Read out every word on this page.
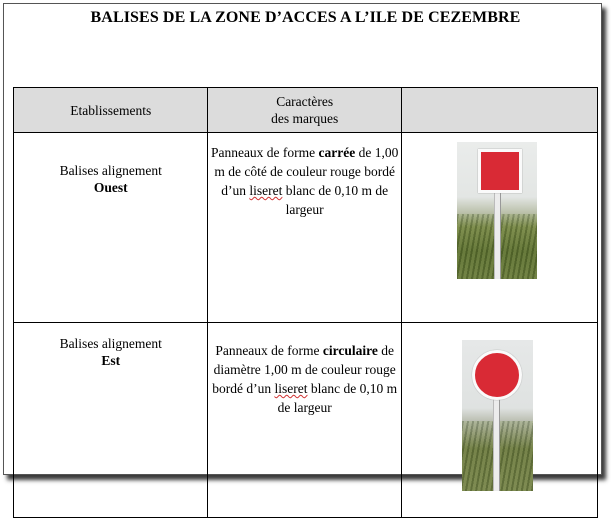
BALISES DE LA ZONE D’ACCES A L’ILE DE CEZEMBRE
Etablissements	Caractères
des marques	
Balises alignement
Ouest	Panneaux de forme carrée de 1,00 m de côté de couleur rouge bordé d’un liseret blanc de 0,10 m de largeur	

Balises alignement
Est	Panneaux de forme circulaire de diamètre 1,00 m de couleur rouge bordé d’un liseret blanc de 0,10 m de largeur	
